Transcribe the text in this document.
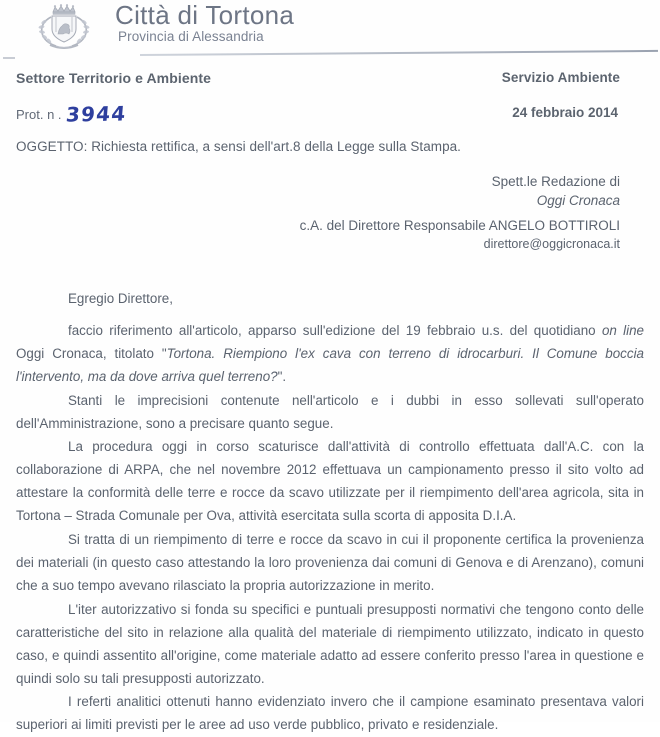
Città di Tortona
Provincia di Alessandria
Settore Territorio e Ambiente	Servizio Ambiente
Prot. n . 3944	24 febbraio 2014
OGGETTO: Richiesta rettifica, a sensi dell'art.8 della Legge sulla Stampa.
Spett.le Redazione di
Oggi Cronaca
c.A. del Direttore Responsabile ANGELO BOTTIROLI
direttore@oggicronaca.it

Egregio Direttore,

faccio riferimento all'articolo, apparso sull'edizione del 19 febbraio u.s. del quotidiano on line Oggi Cronaca, titolato "Tortona. Riempiono l'ex cava con terreno di idrocarburi. Il Comune boccia l'intervento, ma da dove arriva quel terreno?".

Stanti le imprecisioni contenute nell'articolo e i dubbi in esso sollevati sull'operato dell'Amministrazione, sono a precisare quanto segue.

La procedura oggi in corso scaturisce dall'attività di controllo effettuata dall'A.C. con la collaborazione di ARPA, che nel novembre 2012 effettuava un campionamento presso il sito volto ad attestare la conformità delle terre e rocce da scavo utilizzate per il riempimento dell'area agricola, sita in Tortona – Strada Comunale per Ova, attività esercitata sulla scorta di apposita D.I.A.

Si tratta di un riempimento di terre e rocce da scavo in cui il proponente certifica la provenienza dei materiali (in questo caso attestando la loro provenienza dai comuni di Genova e di Arenzano), comuni che a suo tempo avevano rilasciato la propria autorizzazione in merito.

L'iter autorizzativo si fonda su specifici e puntuali presupposti normativi che tengono conto delle caratteristiche del sito in relazione alla qualità del materiale di riempimento utilizzato, indicato in questo caso, e quindi assentito all'origine, come materiale adatto ad essere conferito presso l'area in questione e quindi solo su tali presupposti autorizzato.

I referti analitici ottenuti hanno evidenziato invero che il campione esaminato presentava valori superiori ai limiti previsti per le aree ad uso verde pubblico, privato e residenziale.
